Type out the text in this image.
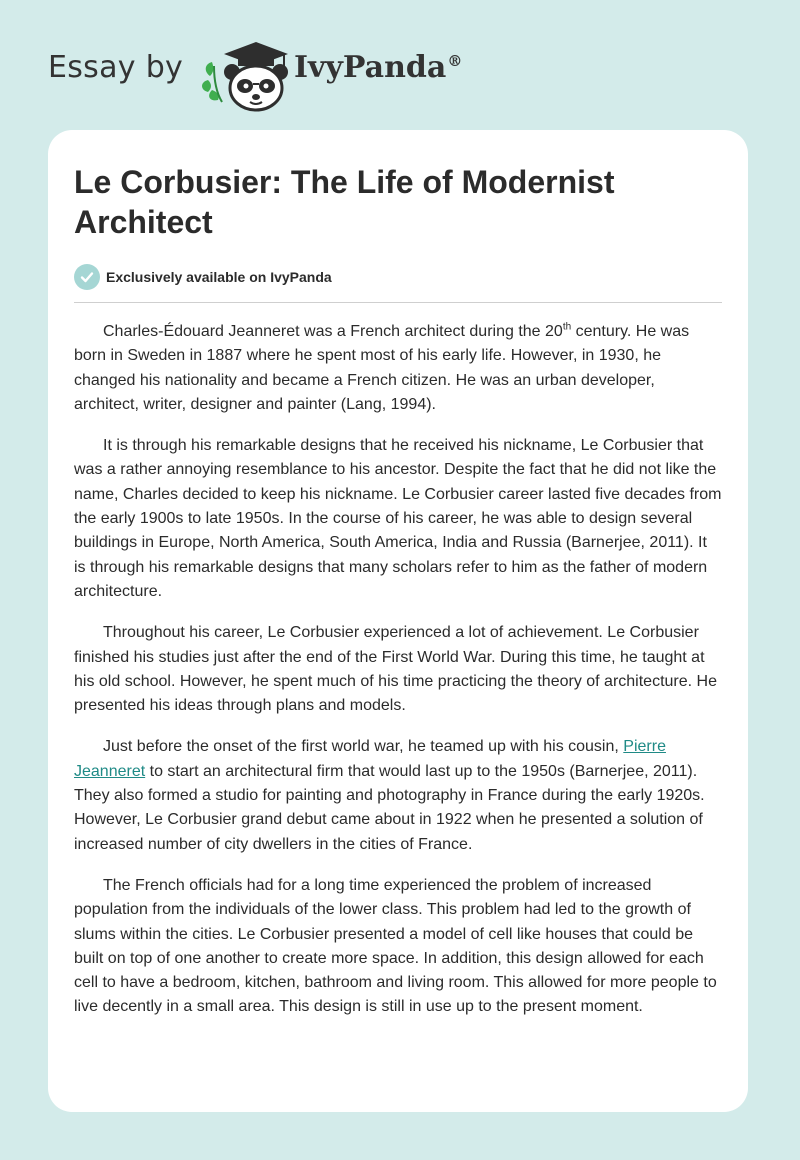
Essay by	IvyPanda®
Le Corbusier: The Life of Modernist Architect
Exclusively available on IvyPanda

Charles-Édouard Jeanneret was a French architect during the 20th century. He was born in Sweden in 1887 where he spent most of his early life. However, in 1930, he changed his nationality and became a French citizen. He was an urban developer, architect, writer, designer and painter (Lang, 1994).

It is through his remarkable designs that he received his nickname, Le Corbusier that was a rather annoying resemblance to his ancestor. Despite the fact that he did not like the name, Charles decided to keep his nickname. Le Corbusier career lasted five decades from the early 1900s to late 1950s. In the course of his career, he was able to design several buildings in Europe, North America, South America, India and Russia (Barnerjee, 2011). It is through his remarkable designs that many scholars refer to him as the father of modern architecture.

Throughout his career, Le Corbusier experienced a lot of achievement. Le Corbusier finished his studies just after the end of the First World War. During this time, he taught at his old school. However, he spent much of his time practicing the theory of architecture. He presented his ideas through plans and models.

Just before the onset of the first world war, he teamed up with his cousin, Pierre Jeanneret to start an architectural firm that would last up to the 1950s (Barnerjee, 2011). They also formed a studio for painting and photography in France during the early 1920s. However, Le Corbusier grand debut came about in 1922 when he presented a solution of increased number of city dwellers in the cities of France.

The French officials had for a long time experienced the problem of increased population from the individuals of the lower class. This problem had led to the growth of slums within the cities. Le Corbusier presented a model of cell like houses that could be built on top of one another to create more space. In addition, this design allowed for each cell to have a bedroom, kitchen, bathroom and living room. This allowed for more people to live decently in a small area. This design is still in use up to the present moment.
